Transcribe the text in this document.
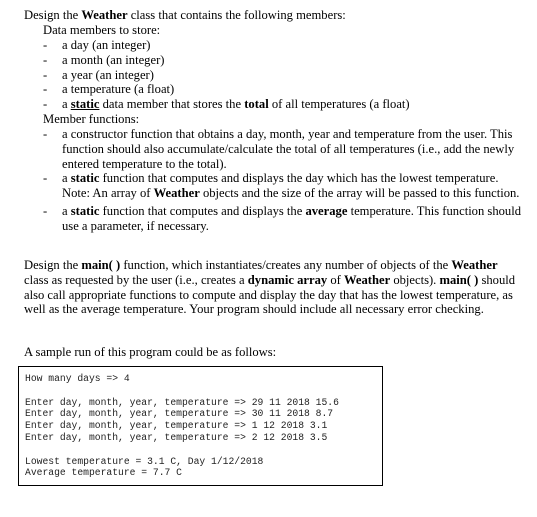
Design the Weather class that contains the following members:
Data members to store:
- a day (an integer)
- a month (an integer)
- a year (an integer)
- a temperature (a float)
- a static data member that stores the total of all temperatures (a float)
Member functions:
- a constructor function that obtains a day, month, year and temperature from the user. This function should also accumulate/calculate the total of all temperatures (i.e., add the newly entered temperature to the total).
- a static function that computes and displays the day which has the lowest temperature. Note: An array of Weather objects and the size of the array will be passed to this function.
- a static function that computes and displays the average temperature. This function should use a parameter, if necessary.
Design the main( ) function, which instantiates/creates any number of objects of the Weather class as requested by the user (i.e., creates a dynamic array of Weather objects). main( ) should also call appropriate functions to compute and display the day that has the lowest temperature, as well as the average temperature. Your program should include all necessary error checking.
A sample run of this program could be as follows:
How many days => 4
Enter day, month, year, temperature => 29 11 2018 15.6
Enter day, month, year, temperature => 30 11 2018 8.7
Enter day, month, year, temperature => 1 12 2018 3.1
Enter day, month, year, temperature => 2 12 2018 3.5
Lowest temperature = 3.1 C, Day 1/12/2018
Average temperature = 7.7 C
